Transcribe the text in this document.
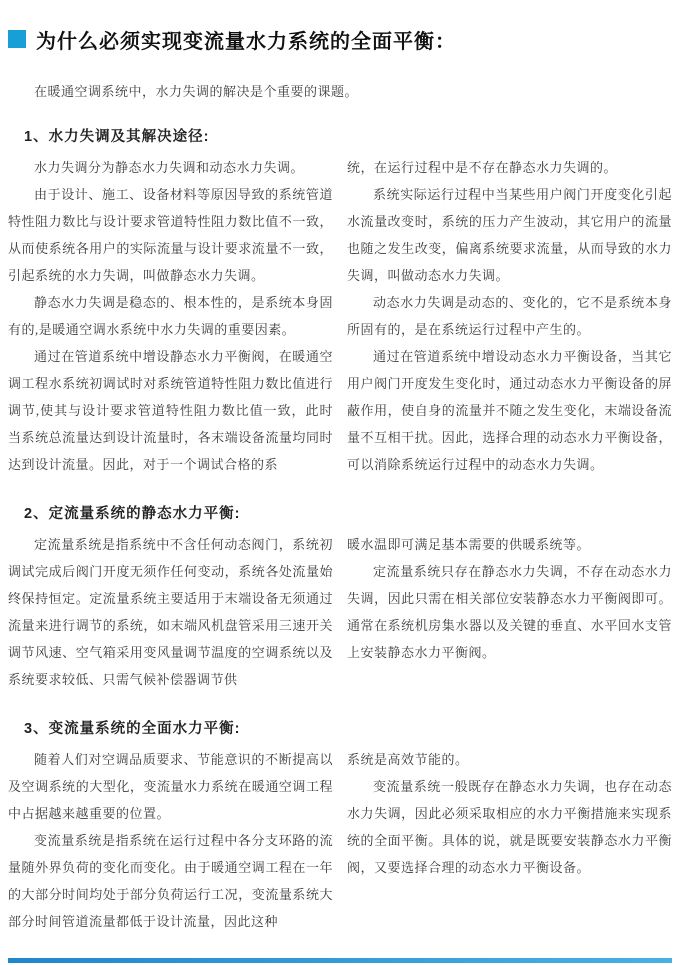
为什么必须实现变流量水力系统的全面平衡：

在暖通空调系统中，水力失调的解决是个重要的课题。

1、水力失调及其解决途径:

水力失调分为静态水力失调和动态水力失调。

由于设计、施工、设备材料等原因导致的系统管道特性阻力数比与设计要求管道特性阻力数比值不一致，从而使系统各用户的实际流量与设计要求流量不一致，引起系统的水力失调，叫做静态水力失调。

静态水力失调是稳态的、根本性的，是系统本身固有的,是暖通空调水系统中水力失调的重要因素。

通过在管道系统中增设静态水力平衡阀，在暖通空调工程水系统初调试时对系统管道特性阻力数比值进行调节,使其与设计要求管道特性阻力数比值一致，此时当系统总流量达到设计流量时，各末端设备流量均同时达到设计流量。因此，对于一个调试合格的系

统，在运行过程中是不存在静态水力失调的。

系统实际运行过程中当某些用户阀门开度变化引起水流量改变时，系统的压力产生波动，其它用户的流量也随之发生改变，偏离系统要求流量，从而导致的水力失调，叫做动态水力失调。

动态水力失调是动态的、变化的，它不是系统本身所固有的，是在系统运行过程中产生的。

通过在管道系统中增设动态水力平衡设备，当其它用户阀门开度发生变化时，通过动态水力平衡设备的屏蔽作用，使自身的流量并不随之发生变化，末端设备流量不互相干扰。因此，选择合理的动态水力平衡设备，可以消除系统运行过程中的动态水力失调。

2、定流量系统的静态水力平衡:

定流量系统是指系统中不含任何动态阀门，系统初调试完成后阀门开度无须作任何变动，系统各处流量始终保持恒定。定流量系统主要适用于末端设备无须通过流量来进行调节的系统，如末端风机盘管采用三速开关调节风速、空气箱采用变风量调节温度的空调系统以及系统要求较低、只需气候补偿器调节供

暖水温即可满足基本需要的供暖系统等。

定流量系统只存在静态水力失调，不存在动态水力失调，因此只需在相关部位安装静态水力平衡阀即可。通常在系统机房集水器以及关键的垂直、水平回水支管上安装静态水力平衡阀。

3、变流量系统的全面水力平衡:

随着人们对空调品质要求、节能意识的不断提高以及空调系统的大型化，变流量水力系统在暖通空调工程中占据越来越重要的位置。

变流量系统是指系统在运行过程中各分支环路的流量随外界负荷的变化而变化。由于暖通空调工程在一年的大部分时间均处于部分负荷运行工况，变流量系统大部分时间管道流量都低于设计流量，因此这种

系统是高效节能的。

变流量系统一般既存在静态水力失调，也存在动态水力失调，因此必须采取相应的水力平衡措施来实现系统的全面平衡。具体的说，就是既要安装静态水力平衡阀，又要选择合理的动态水力平衡设备。
